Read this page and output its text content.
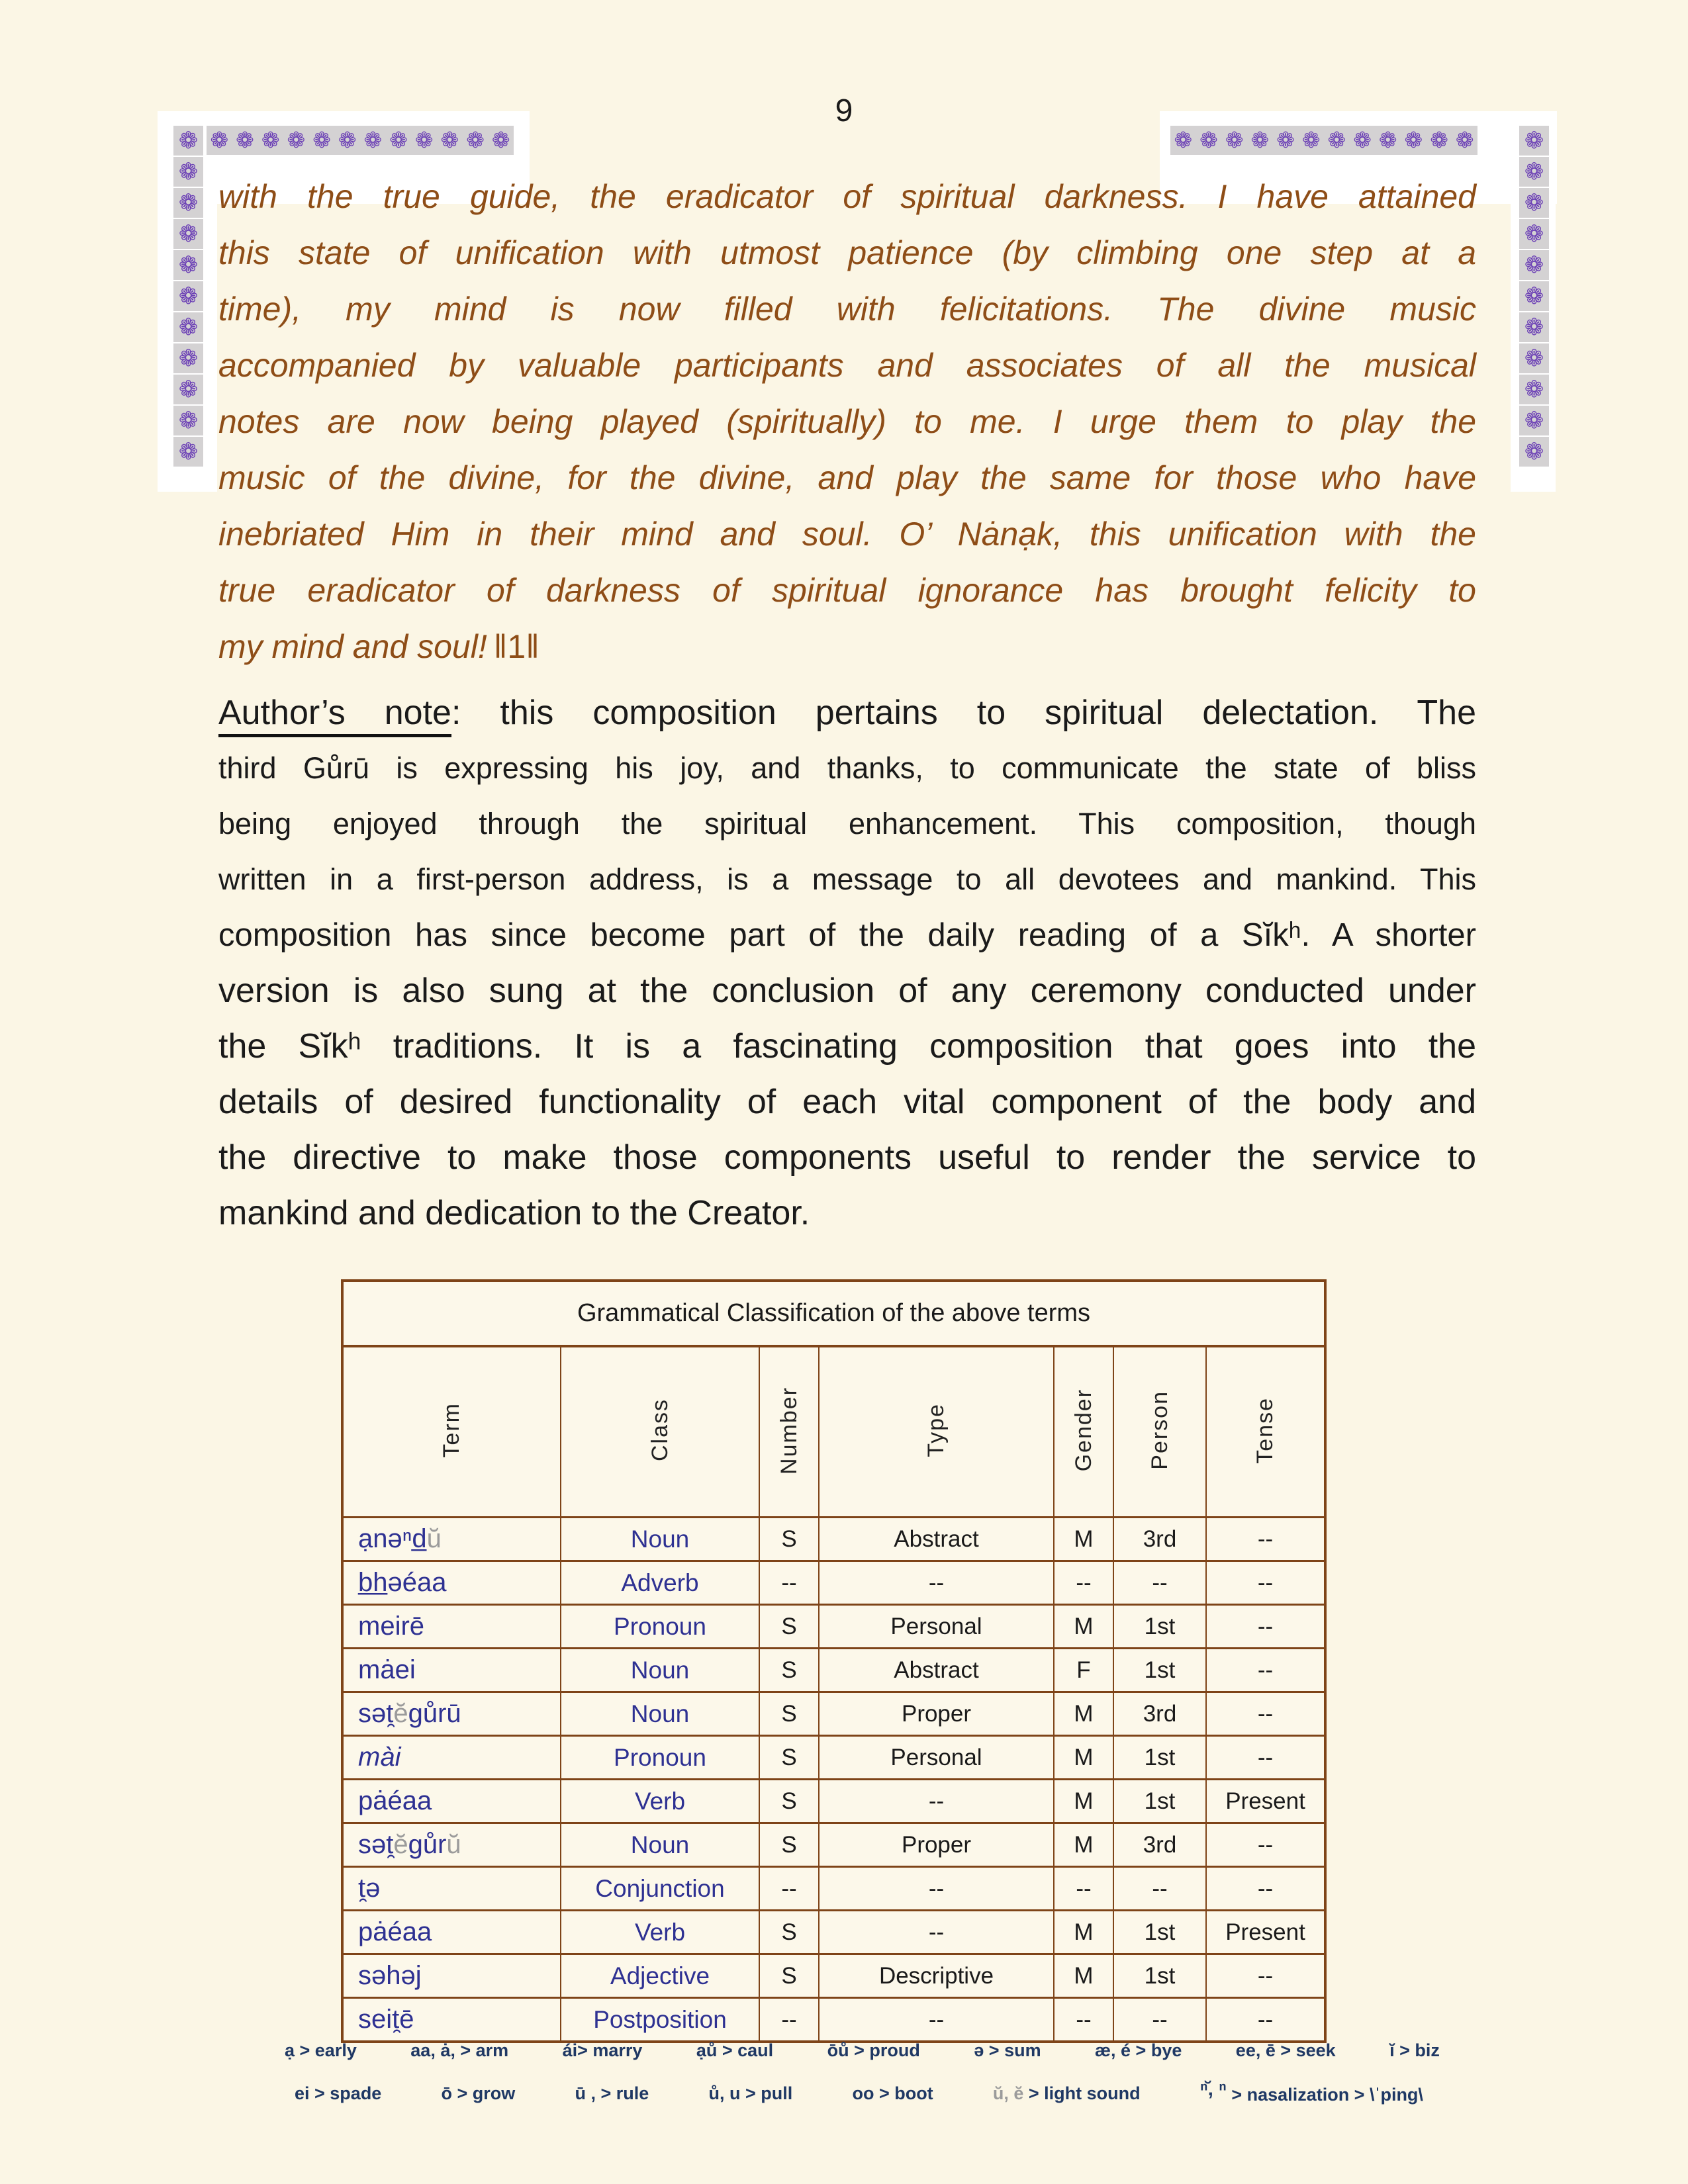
9
❁
❁
❁
❁
❁
❁
❁
❁
❁
❁
❁
❁ ❁ ❁ ❁ ❁ ❁ ❁ ❁ ❁ ❁ ❁ ❁	❁ ❁ ❁ ❁ ❁ ❁ ❁ ❁ ❁ ❁ ❁ ❁ ❁
❁
❁
❁
❁
❁
❁
❁
❁
❁
❁
with the true guide, the eradicator of spiritual darkness. I have attained
this state of unification with utmost patience (by climbing one step at a
time), my mind is now filled with felicitations. The divine music
accompanied by valuable participants and associates of all the musical
notes are now being played (spiritually) to me. I urge them to play the
music of the divine, for the divine, and play the same for those who have
inebriated Him in their mind and soul. O’ Nȧnạk, this unification with the
true eradicator of darkness of spiritual ignorance has brought felicity to
my mind and soul! ‖1‖
Author’s note: this composition pertains to spiritual delectation. The
third Gůrū is expressing his joy, and thanks, to communicate the state of bliss
being enjoyed through the spiritual enhancement. This composition, though
written in a first-person address, is a message to all devotees and mankind. This
composition has since become part of the daily reading of a Sĭkʰ. A shorter
version is also sung at the conclusion of any ceremony conducted under
the Sĭkʰ traditions. It is a fascinating composition that goes into the
details of desired functionality of each vital component of the body and
the directive to make those components useful to render the service to
mankind and dedication to the Creator.
Grammatical Classification of the above terms						
Term	Class	Number	Type	Gender	Person	Tense
ạnəⁿd̲ŭ	Noun	S	Abstract	M	3rd	--
b̲h̲əéaa	Adverb	--	--	--	--	--
meirē	Pronoun	S	Personal	M	1st	--
mȧei	Noun	S	Abstract	F	1st	--
sət̯ĕgůrū	Noun	S	Proper	M	3rd	--
mài	Pronoun	S	Personal	M	1st	--
pȧéaa	Verb	S	--	M	1st	Present
sət̯ĕgůrŭ	Noun	S	Proper	M	3rd	--
t̯ə	Conjunction	--	--	--	--	--
pȧéaa	Verb	S	--	M	1st	Present
səhəj	Adjective	S	Descriptive	M	1st	--
seit̯ē	Postposition	--	--	--	--	--
ạ > early	aa, ȧ, > arm	ái> marry	ạů > caul	ōů > proud	ə > sum	æ, é > bye	ee, ē > seek	ĭ > biz
ei > spade	ō > grow	ū , > rule	ů, u > pull	oo > boot	ŭ, ĕ > light sound	ⁿ̆, ⁿ > nasalization > \ˈping\
